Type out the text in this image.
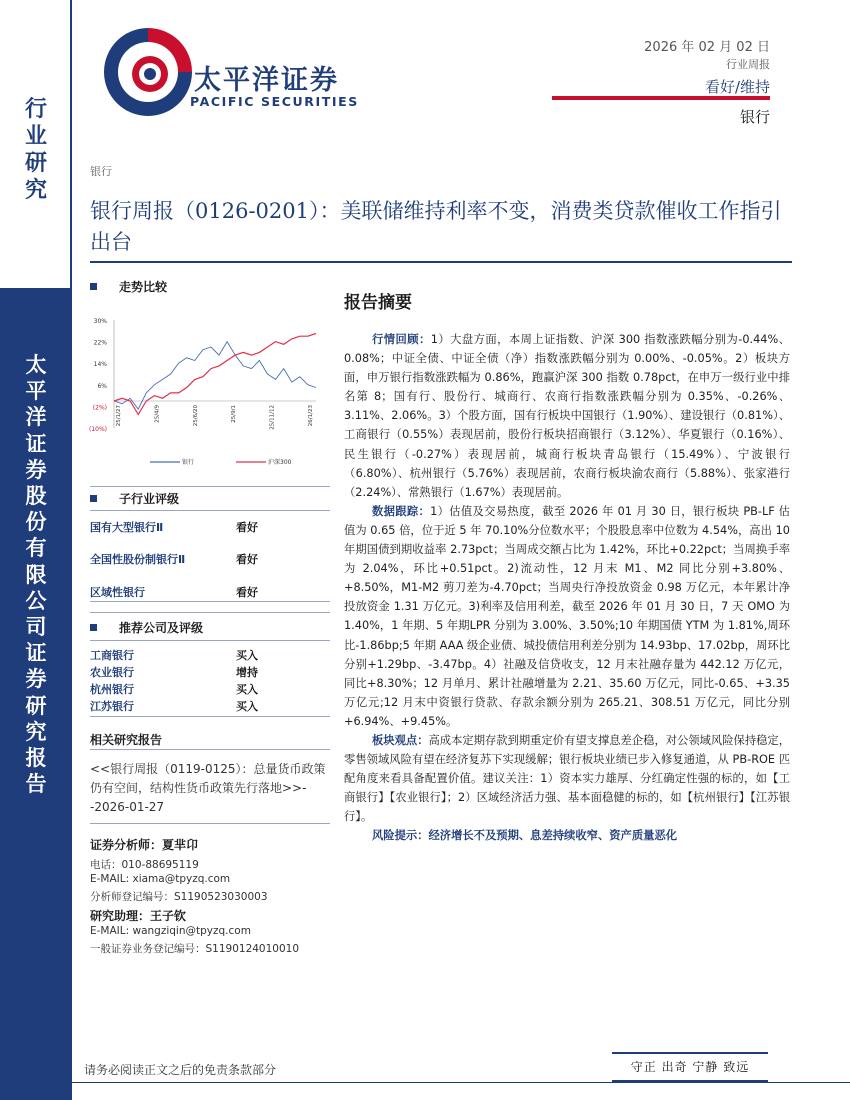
行业研究
太平洋证券股份有限公司证券研究报告
太平洋证券
PACIFIC SECURITIES
2026 年 02 月 02 日
行业周报
看好/维持
银行
银行
银行周报（0126-0201）：美联储维持利率不变，消费类贷款催收工作指引出台
走势比较
30%
22%
14%
6%
(2%)
(10%)
25/1/27	25/4/9	25/6/20	25/9/1	25/11/12	26/1/23
银行	沪深300
子行业评级
国有大型银行Ⅱ	看好
全国性股份制银行Ⅱ	看好
区域性银行	看好
推荐公司及评级
工商银行	买入
农业银行	增持
杭州银行	买入
江苏银行	买入
相关研究报告
<<银行周报（0119-0125）：总量货币政策仍有空间，结构性货币政策先行落地>>--2026-01-27
证券分析师：夏芈卬
电话：010-88695119
E-MAIL: xiama@tpyzq.com
分析师登记编号：S1190523030003
研究助理：王子钦
E-MAIL: wangziqin@tpyzq.com
一般证券业务登记编号：S1190124010010
报告摘要

行情回顾：1）大盘方面，本周上证指数、沪深 300 指数涨跌幅分别为-0.44%、0.08%；中证全债、中证全债（净）指数涨跌幅分别为 0.00%、-0.05%。2）板块方面，申万银行指数涨跌幅为 0.86%，跑赢沪深 300 指数 0.78pct，在申万一级行业中排名第 8；国有行、股份行、城商行、农商行指数涨跌幅分别为 0.35%、-0.26%、3.11%、2.06%。3）个股方面，国有行板块中国银行（1.90%）、建设银行（0.81%）、工商银行（0.55%）表现居前，股份行板块招商银行（3.12%）、华夏银行（0.16%）、民生银行（-0.27%）表现居前，城商行板块青岛银行（15.49%）、宁波银行（6.80%）、杭州银行（5.76%）表现居前，农商行板块渝农商行（5.88%）、张家港行（2.24%）、常熟银行（1.67%）表现居前。

数据跟踪：1）估值及交易热度，截至 2026 年 01 月 30 日，银行板块 PB-LF 估值为 0.65 倍，位于近 5 年 70.10%分位数水平；个股股息率中位数为 4.54%，高出 10 年期国债到期收益率 2.73pct；当周成交额占比为 1.42%，环比+0.22pct；当周换手率为 2.04%，环比+0.51pct。2)流动性，12 月末 M1、M2 同比分别+3.80%、+8.50%，M1-M2 剪刀差为-4.70pct；当周央行净投放资金 0.98 万亿元，本年累计净投放资金 1.31 万亿元。3)利率及信用利差，截至 2026 年 01 月 30 日，7 天 OMO 为 1.40%，1 年期、5 年期LPR 分别为 3.00%、3.50%;10 年期国债 YTM 为 1.81%,周环比-1.86bp;5 年期 AAA 级企业债、城投债信用利差分别为 14.93bp、17.02bp，周环比分别+1.29bp、-3.47bp。4）社融及信贷收支，12 月末社融存量为 442.12 万亿元，同比+8.30%；12 月单月、累计社融增量为 2.21、35.60 万亿元，同比-0.65、+3.35 万亿元;12 月末中资银行贷款、存款余额分别为 265.21、308.51 万亿元，同比分别+6.94%、+9.45%。

板块观点：高成本定期存款到期重定价有望支撑息差企稳，对公领域风险保持稳定，零售领域风险有望在经济复苏下实现缓解；银行板块业绩已步入修复通道，从 PB-ROE 匹配角度来看具备配置价值。建议关注：1）资本实力雄厚、分红确定性强的标的，如【工商银行】【农业银行】；2）区域经济活力强、基本面稳健的标的，如【杭州银行】【江苏银行】。

风险提示：经济增长不及预期、息差持续收窄、资产质量恶化

请务必阅读正文之后的免责条款部分	守正 出奇 宁静 致远
